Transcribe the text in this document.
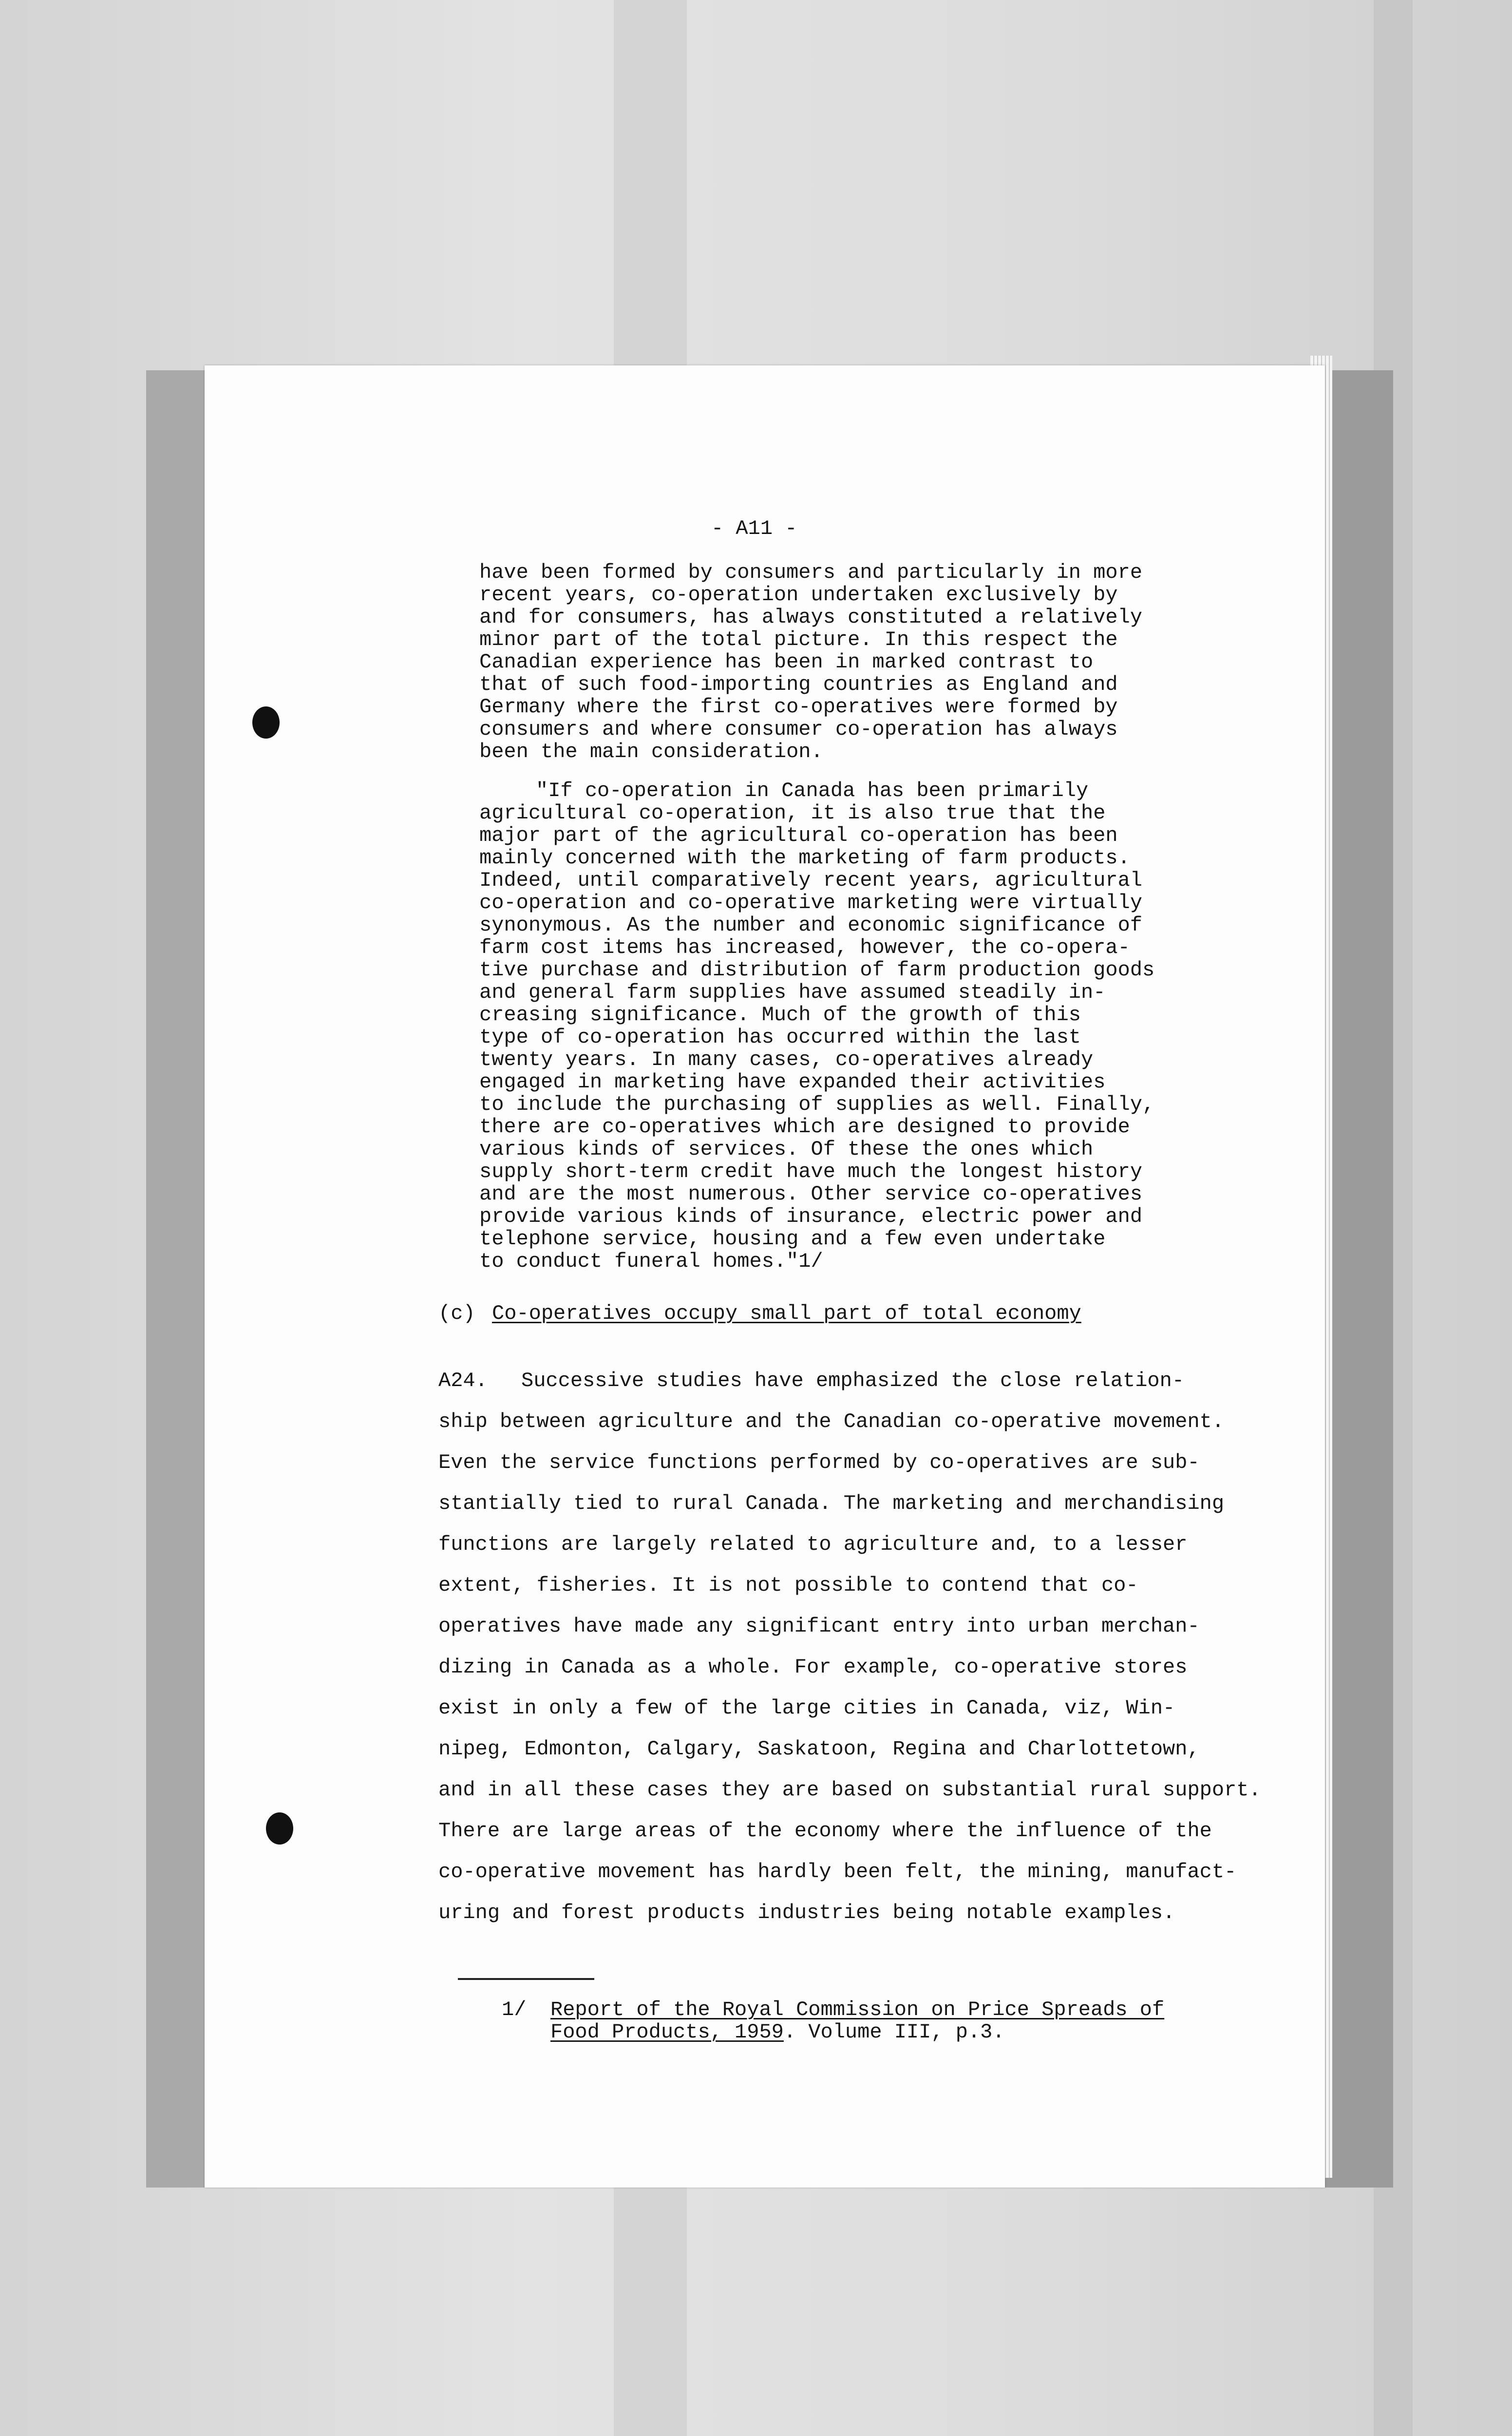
- A11 -
have been formed by consumers and particularly in more
recent years, co-operation undertaken exclusively by
and for consumers, has always constituted a relatively
minor part of the total picture. In this respect the
Canadian experience has been in marked contrast to
that of such food-importing countries as England and
Germany where the first co-operatives were formed by
consumers and where consumer co-operation has always
been the main consideration.
"If co-operation in Canada has been primarily
agricultural co-operation, it is also true that the
major part of the agricultural co-operation has been
mainly concerned with the marketing of farm products.
Indeed, until comparatively recent years, agricultural
co-operation and co-operative marketing were virtually
synonymous. As the number and economic significance of
farm cost items has increased, however, the co-opera-
tive purchase and distribution of farm production goods
and general farm supplies have assumed steadily in-
creasing significance. Much of the growth of this
type of co-operation has occurred within the last
twenty years. In many cases, co-operatives already
engaged in marketing have expanded their activities
to include the purchasing of supplies as well. Finally,
there are co-operatives which are designed to provide
various kinds of services. Of these the ones which
supply short-term credit have much the longest history
and are the most numerous. Other service co-operatives
provide various kinds of insurance, electric power and
telephone service, housing and a few even undertake
to conduct funeral homes."1/
(c) Co-operatives occupy small part of total economy
A24. Successive studies have emphasized the close relation-
ship between agriculture and the Canadian co-operative movement.
Even the service functions performed by co-operatives are sub-
stantially tied to rural Canada. The marketing and merchandising
functions are largely related to agriculture and, to a lesser
extent, fisheries. It is not possible to contend that co-
operatives have made any significant entry into urban merchan-
dizing in Canada as a whole. For example, co-operative stores
exist in only a few of the large cities in Canada, viz, Win-
nipeg, Edmonton, Calgary, Saskatoon, Regina and Charlottetown,
and in all these cases they are based on substantial rural support.
There are large areas of the economy where the influence of the
co-operative movement has hardly been felt, the mining, manufact-
uring and forest products industries being notable examples.
1/ Report of the Royal Commission on Price Spreads of
Food Products, 1959. Volume III, p.3.
